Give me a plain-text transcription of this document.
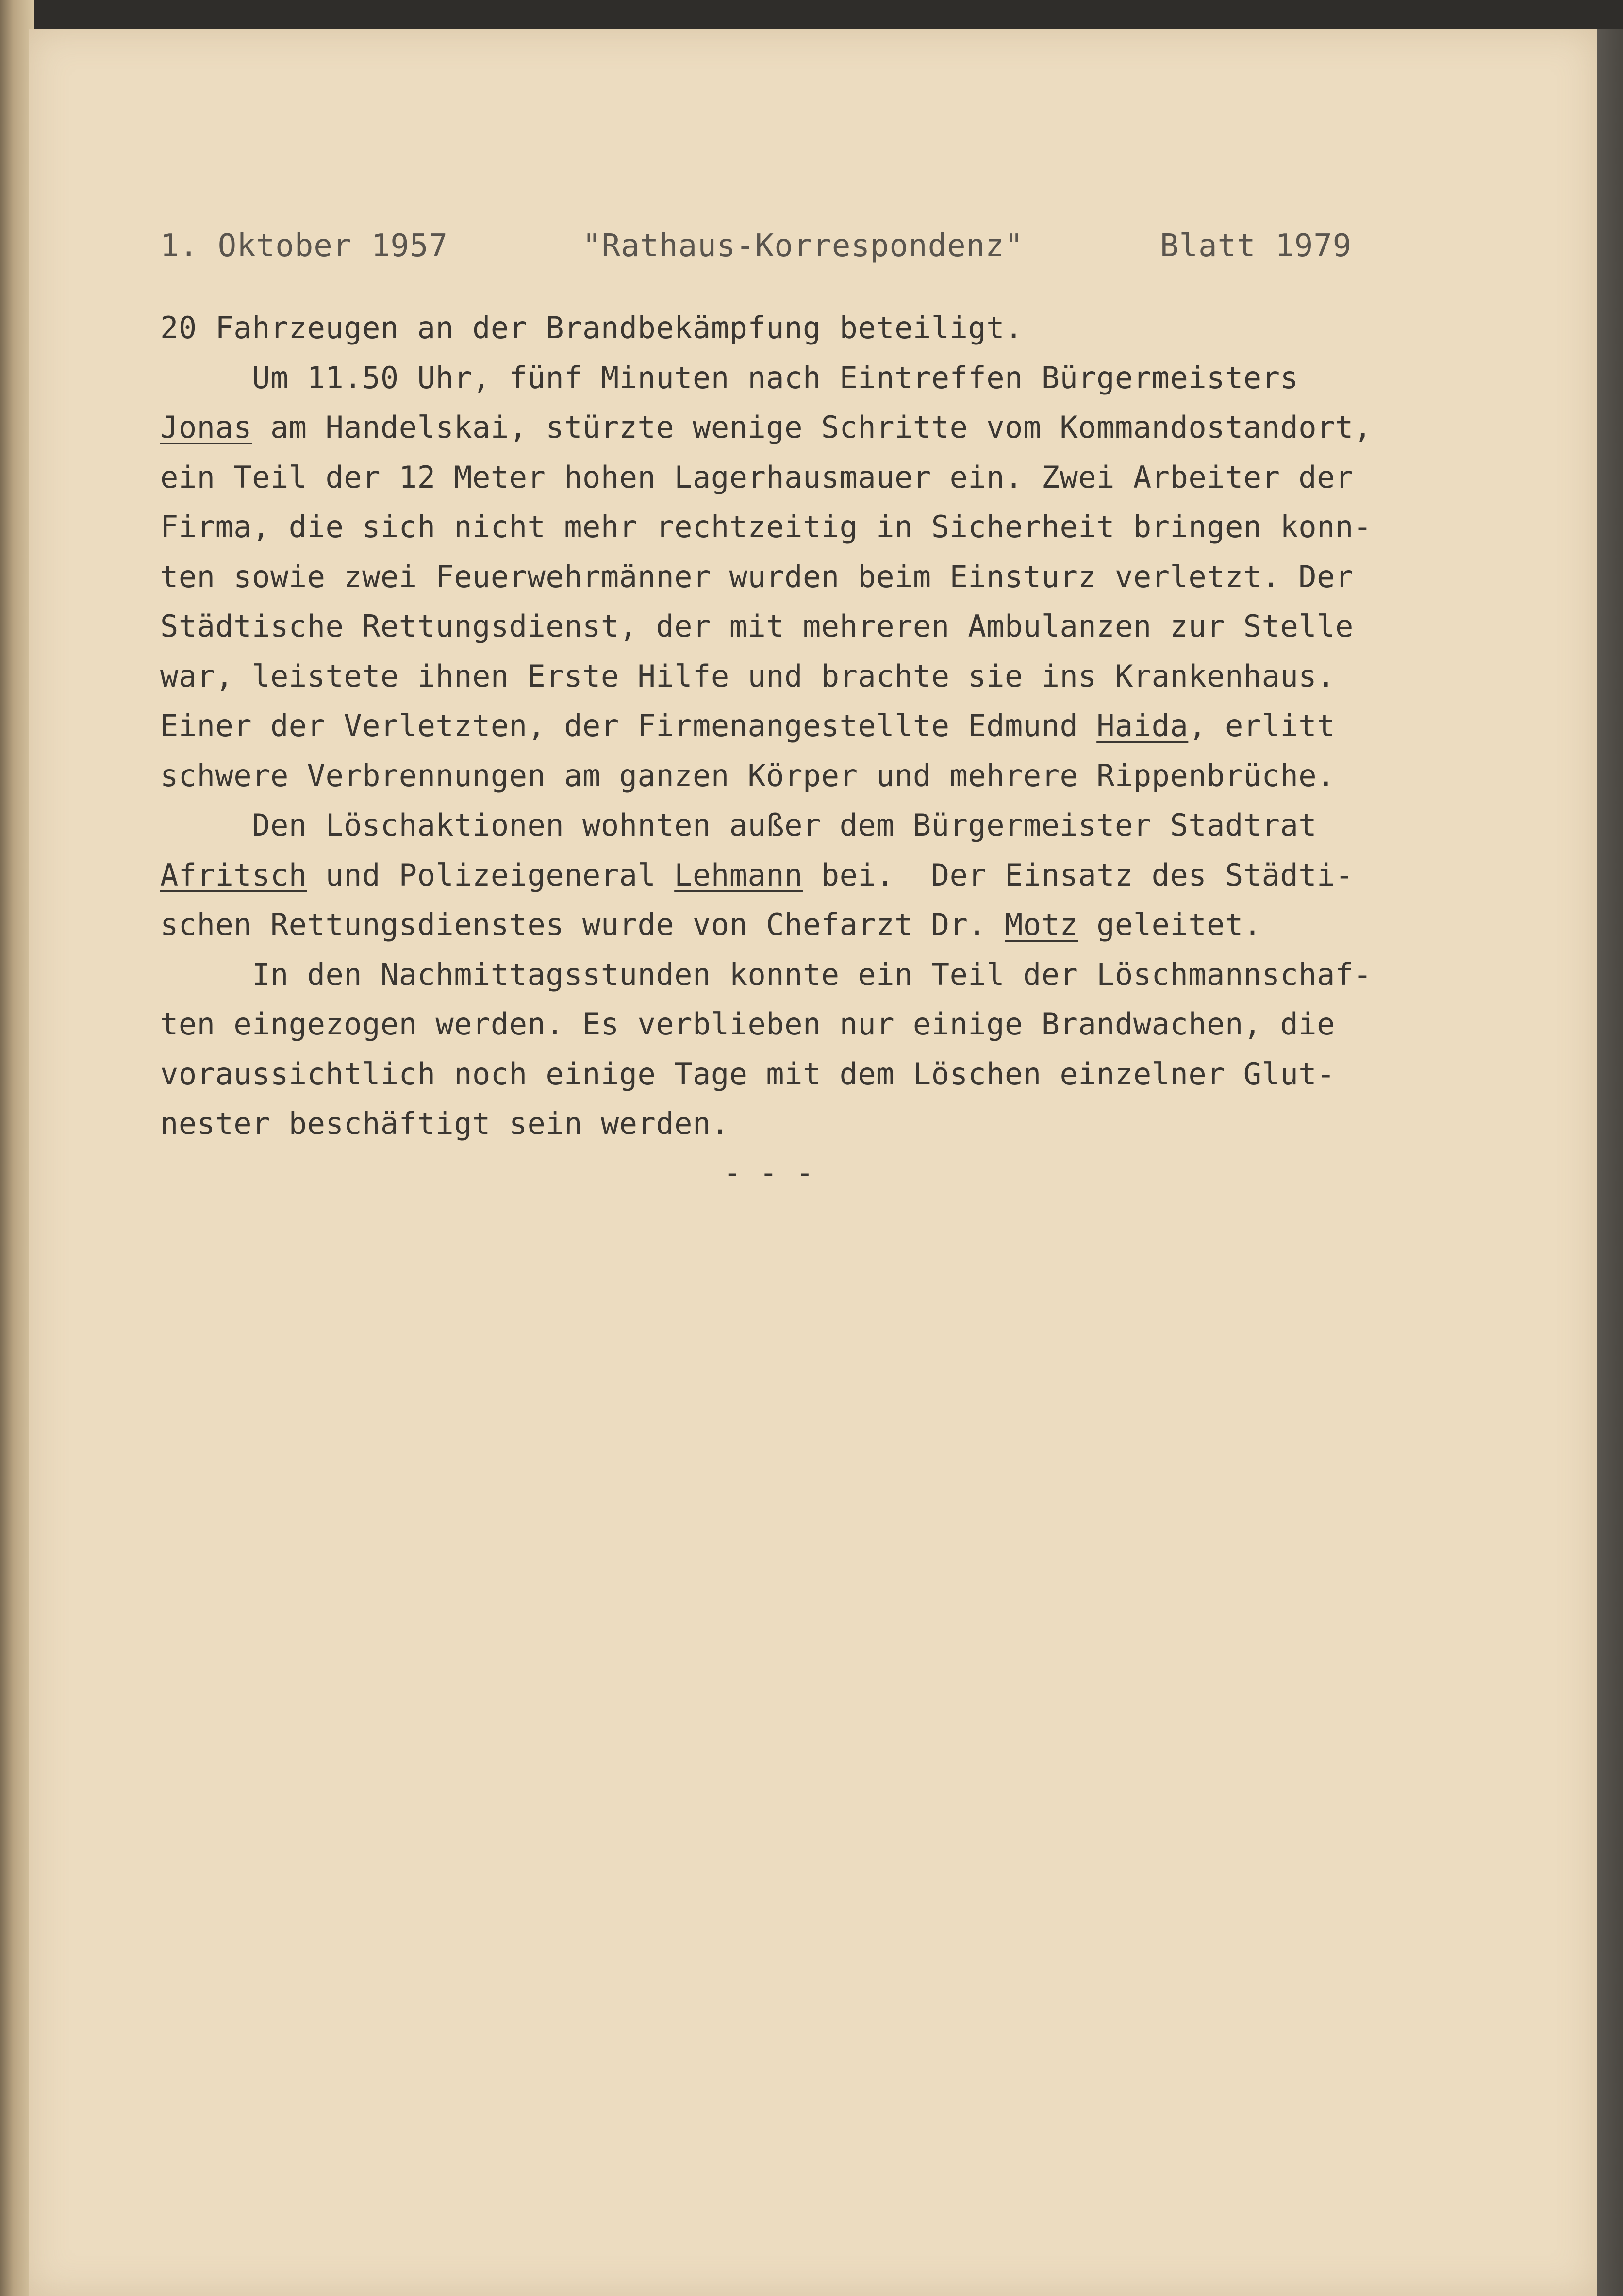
1. Oktober 1957	"Rathaus-Korrespondenz"	Blatt 1979
20 Fahrzeugen an der Brandbekämpfung beteiligt.
Um 11.50 Uhr, fünf Minuten nach Eintreffen Bürgermeisters
Jonas am Handelskai, stürzte wenige Schritte vom Kommandostandort,
ein Teil der 12 Meter hohen Lagerhausmauer ein. Zwei Arbeiter der
Firma, die sich nicht mehr rechtzeitig in Sicherheit bringen konn-
ten sowie zwei Feuerwehrmänner wurden beim Einsturz verletzt. Der
Städtische Rettungsdienst, der mit mehreren Ambulanzen zur Stelle
war, leistete ihnen Erste Hilfe und brachte sie ins Krankenhaus.
Einer der Verletzten, der Firmenangestellte Edmund Haida, erlitt
schwere Verbrennungen am ganzen Körper und mehrere Rippenbrüche.
Den Löschaktionen wohnten außer dem Bürgermeister Stadtrat
Afritsch und Polizeigeneral Lehmann bei.  Der Einsatz des Städti-
schen Rettungsdienstes wurde von Chefarzt Dr. Motz geleitet.
In den Nachmittagsstunden konnte ein Teil der Löschmannschaf-
ten eingezogen werden. Es verblieben nur einige Brandwachen, die
voraussichtlich noch einige Tage mit dem Löschen einzelner Glut-
nester beschäftigt sein werden.
- - -
